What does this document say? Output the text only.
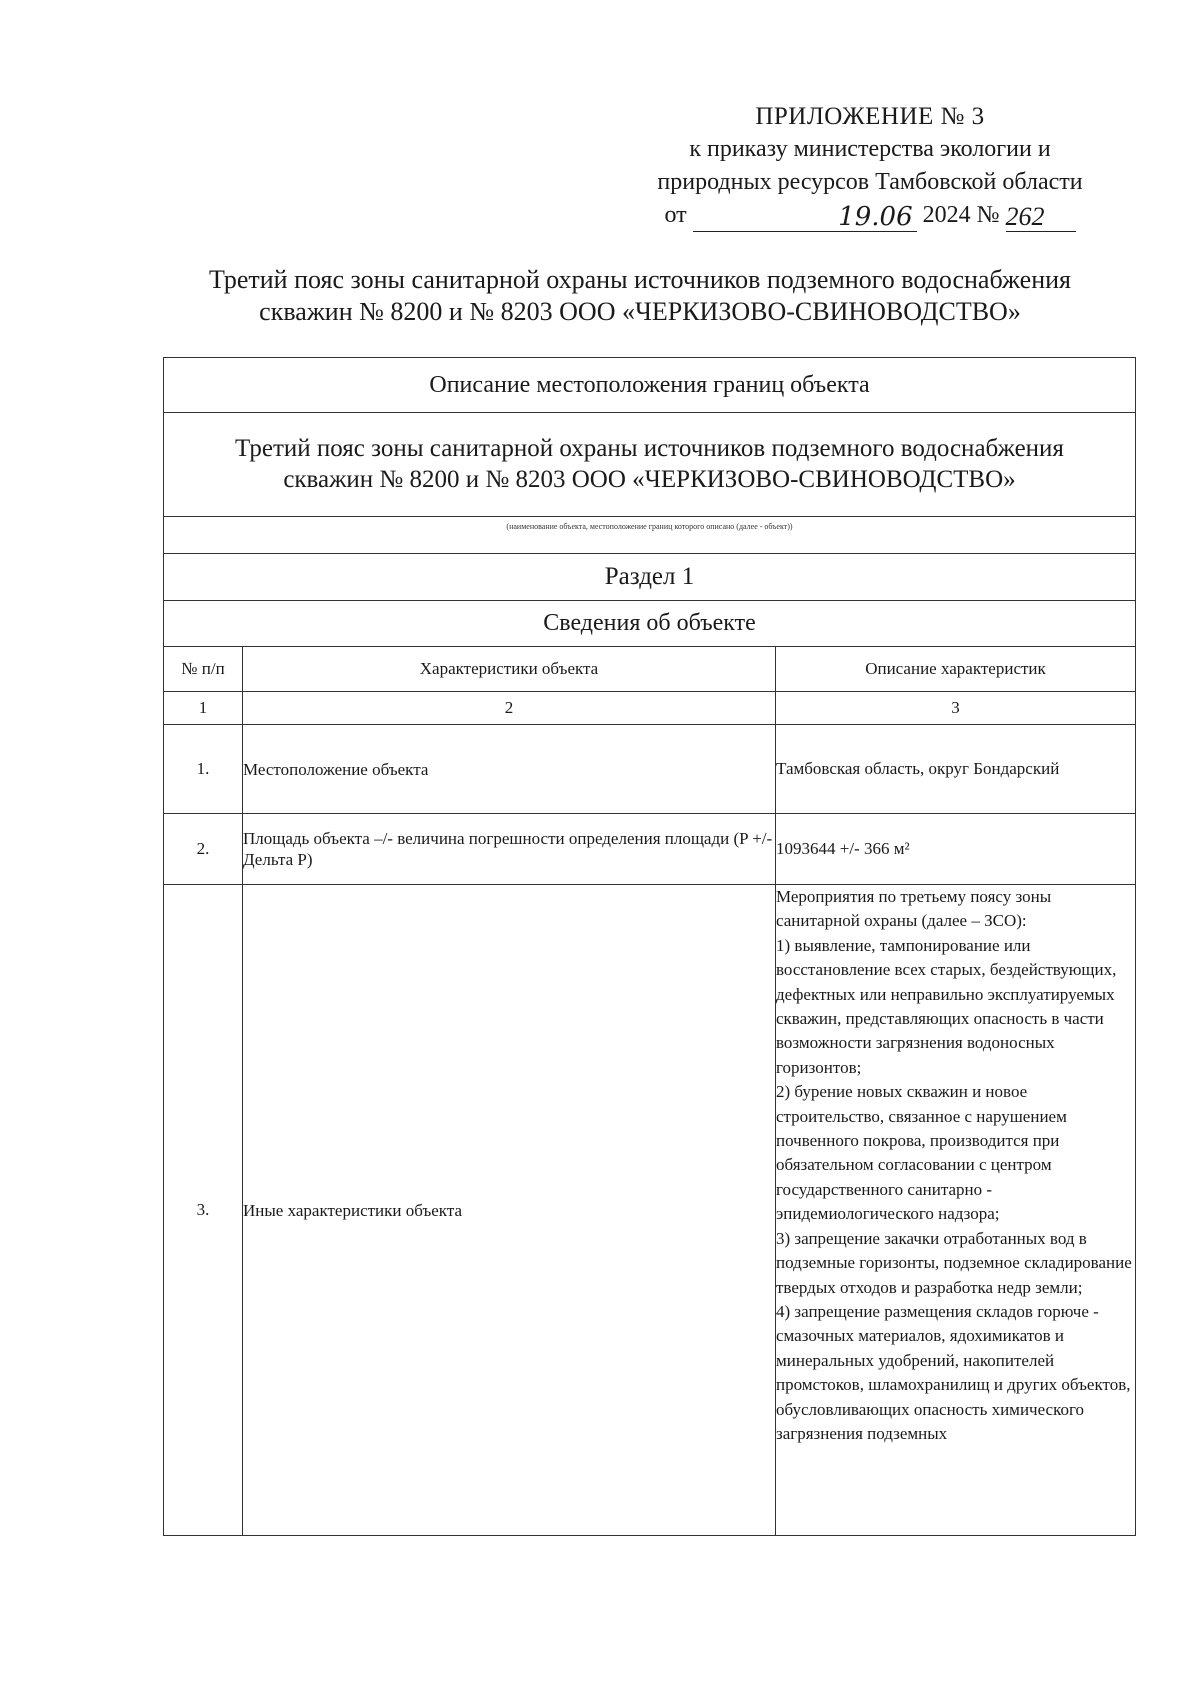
ПРИЛОЖЕНИЕ № 3
к приказу министерства экологии и
природных ресурсов Тамбовской области
от	19.06 2024 № 262
Третий пояс зоны санитарной охраны источников подземного водоснабжения
скважин № 8200 и № 8203 ООО «ЧЕРКИЗОВО-СВИНОВОДСТВО»
Описание местоположения границ объекта
Третий пояс зоны санитарной охраны источников подземного водоснабжения
скважин № 8200 и № 8203 ООО «ЧЕРКИЗОВО-СВИНОВОДСТВО»
(наименование объекта, местоположение границ которого описано (далее - объект))
Раздел 1
Сведения об объекте
№ п/п	Характеристики объекта	Описание характеристик
1	2	3
1.	Местоположение объекта	Тамбовская область, округ Бондарский
2.	Площадь объекта –/- величина погрешности определения площади (P +/- Дельта P)	1093644 +/- 366 м²
3.	Иные характеристики объекта	Мероприятия по третьему поясу зоны санитарной охраны (далее – ЗСО):
1) выявление, тампонирование или восстановление всех старых, бездействующих, дефектных или неправильно эксплуатируемых скважин, представляющих опасность в части возможности загрязнения водоносных горизонтов;
2) бурение новых скважин и новое строительство, связанное с нарушением почвенного покрова, производится при обязательном согласовании с центром государственного санитарно - эпидемиологического надзора;
3) запрещение закачки отработанных вод в подземные горизонты, подземное складирование твердых отходов и разработка недр земли;
4) запрещение размещения складов горюче - смазочных материалов, ядохимикатов и минеральных удобрений, накопителей промстоков, шламохранилищ и других объектов, обусловливающих опасность химического загрязнения подземных
